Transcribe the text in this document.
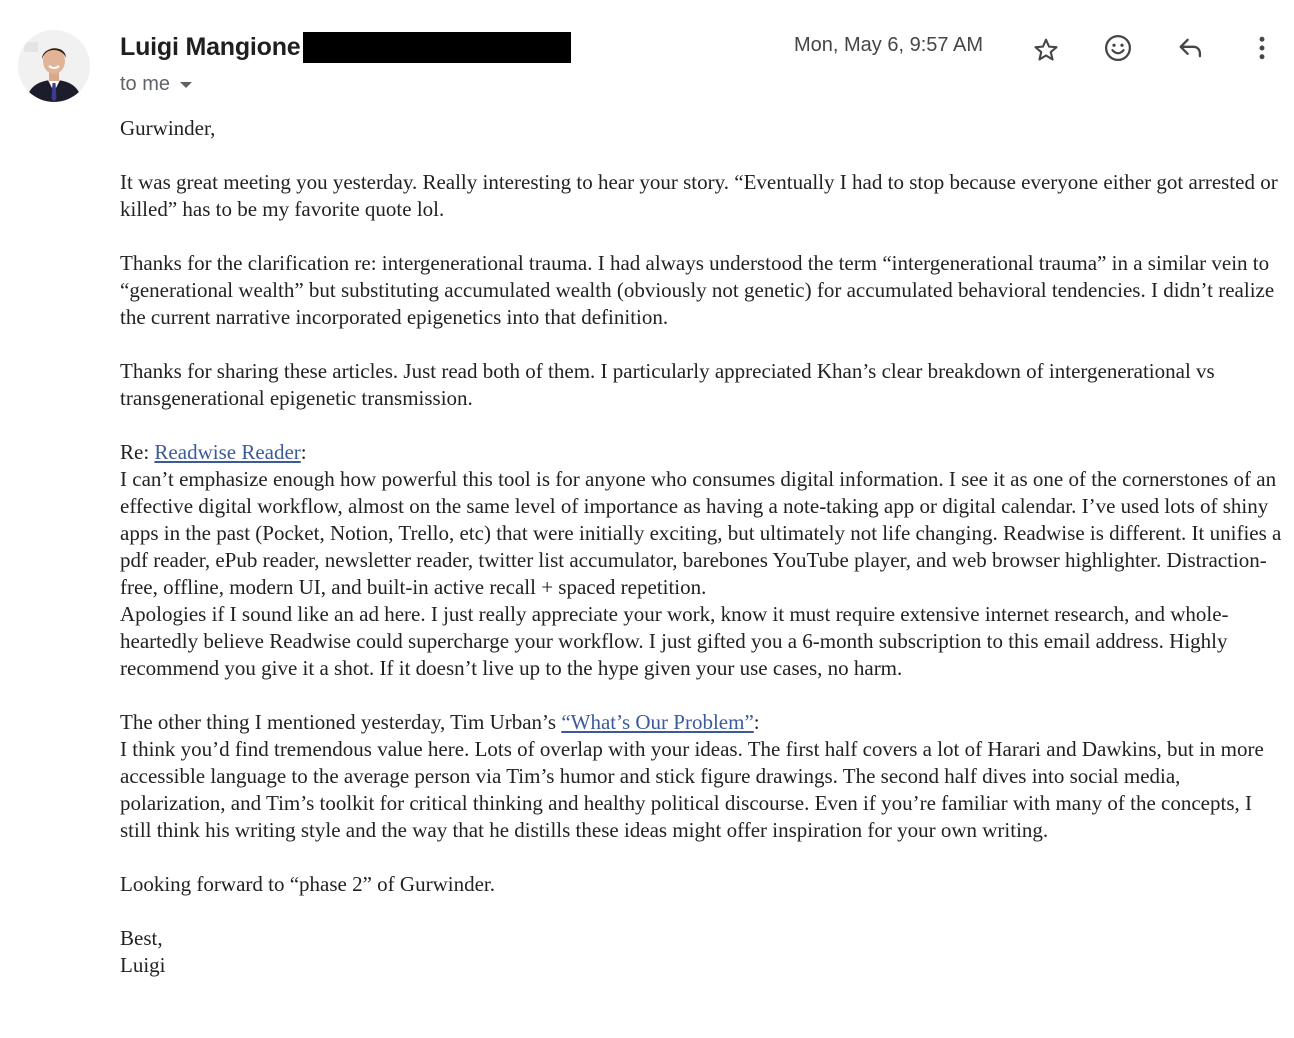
Luigi Mangione
to me
Mon, May 6, 9:57 AM

Gurwinder,

It was great meeting you yesterday. Really interesting to hear your story. “Eventually I had to stop because everyone either got arrested or killed” has to be my favorite quote lol.

Thanks for the clarification re: intergenerational trauma. I had always understood the term “intergenerational trauma” in a similar vein to “generational wealth” but substituting accumulated wealth (obviously not genetic) for accumulated behavioral tendencies. I didn’t realize the current narrative incorporated epigenetics into that definition.

Thanks for sharing these articles. Just read both of them. I particularly appreciated Khan’s clear breakdown of intergenerational vs transgenerational epigenetic transmission.

Re: Readwise Reader:

I can’t emphasize enough how powerful this tool is for anyone who consumes digital information. I see it as one of the cornerstones of an effective digital workflow, almost on the same level of importance as having a note-taking app or digital calendar. I’ve used lots of shiny apps in the past (Pocket, Notion, Trello, etc) that were initially exciting, but ultimately not life changing. Readwise is different. It unifies a pdf reader, ePub reader, newsletter reader, twitter list accumulator, barebones YouTube player, and web browser highlighter. Distraction-free, offline, modern UI, and built-in active recall + spaced repetition.

Apologies if I sound like an ad here. I just really appreciate your work, know it must require extensive internet research, and whole-heartedly believe Readwise could supercharge your workflow. I just gifted you a 6-month subscription to this email address. Highly recommend you give it a shot. If it doesn’t live up to the hype given your use cases, no harm.

The other thing I mentioned yesterday, Tim Urban’s “What’s Our Problem”:

I think you’d find tremendous value here. Lots of overlap with your ideas. The first half covers a lot of Harari and Dawkins, but in more accessible language to the average person via Tim’s humor and stick figure drawings. The second half dives into social media, polarization, and Tim’s toolkit for critical thinking and healthy political discourse. Even if you’re familiar with many of the concepts, I still think his writing style and the way that he distills these ideas might offer inspiration for your own writing.

Looking forward to “phase 2” of Gurwinder.

Best,

Luigi
